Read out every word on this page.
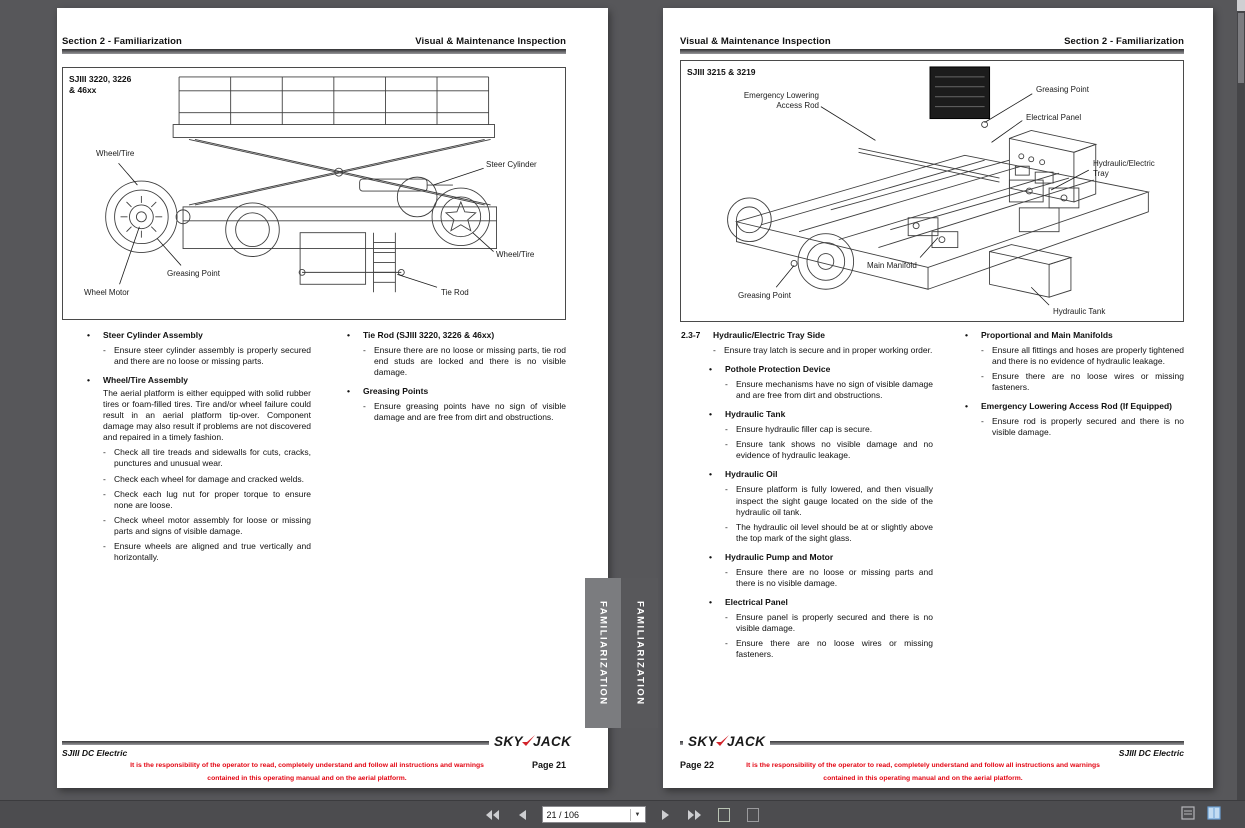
Section 2 - Familiarization	Visual & Maintenance Inspection
SJIII 3220, 3226
& 46xx
Wheel/Tire
Steer Cylinder
Wheel/Tire
Greasing Point
Wheel Motor	Tie Rod
•	Steer Cylinder Assembly
- Ensure steer cylinder assembly is properly secured and there are no loose or missing parts.
•	Wheel/Tire Assembly
The aerial platform is either equipped with solid rubber tires or foam-filled tires. Tire and/or wheel failure could result in an aerial platform tip-over. Component damage may also result if problems are not discovered and repaired in a timely fashion.
- Check all tire treads and sidewalls for cuts, cracks, punctures and unusual wear.
- Check each wheel for damage and cracked welds.
- Check each lug nut for proper torque to ensure none are loose.
- Check wheel motor assembly for loose or missing parts and signs of visible damage.
- Ensure wheels are aligned and true vertically and horizontally.
•	Tie Rod (SJIII 3220, 3226 & 46xx)
- Ensure there are no loose or missing parts, tie rod end studs are locked and there is no visible damage.
•	Greasing Points
- Ensure greasing points have no sign of visible damage and are free from dirt and obstructions.
SKY JACK
SJIII DC Electric
It is the responsibility of the operator to read, completely understand and follow all instructions and warnings
contained in this operating manual and on the aerial platform.
Page 21
Visual & Maintenance Inspection	Section 2 - Familiarization
SJIII 3215 & 3219
Emergency Lowering Access Rod
Greasing Point
Electrical Panel
Hydraulic/Electric Tray
Main Manifold
Greasing Point
Hydraulic Tank
2.3-7	Hydraulic/Electric Tray Side
- Ensure tray latch is secure and in proper working order.
•	Pothole Protection Device
- Ensure mechanisms have no sign of visible damage and are free from dirt and obstructions.
•	Hydraulic Tank
- Ensure hydraulic filler cap is secure.
- Ensure tank shows no visible damage and no evidence of hydraulic leakage.
•	Hydraulic Oil
- Ensure platform is fully lowered, and then visually inspect the sight gauge located on the side of the hydraulic oil tank.
- The hydraulic oil level should be at or slightly above the top mark of the sight glass.
•	Hydraulic Pump and Motor
- Ensure there are no loose or missing parts and there is no visible damage.
•	Electrical Panel
- Ensure panel is properly secured and there is no visible damage.
- Ensure there are no loose wires or missing fasteners.
•	Proportional and Main Manifolds
- Ensure all fittings and hoses are properly tightened and there is no evidence of hydraulic leakage.
- Ensure there are no loose wires or missing fasteners.
•	Emergency Lowering Access Rod (If Equipped)
- Ensure rod is properly secured and there is no visible damage.
SKY JACK
SJIII DC Electric
Page 22	It is the responsibility of the operator to read, completely understand and follow all instructions and warnings
contained in this operating manual and on the aerial platform.
FAMILIARIZATION	FAMILIARIZATION
21 / 106	▼
